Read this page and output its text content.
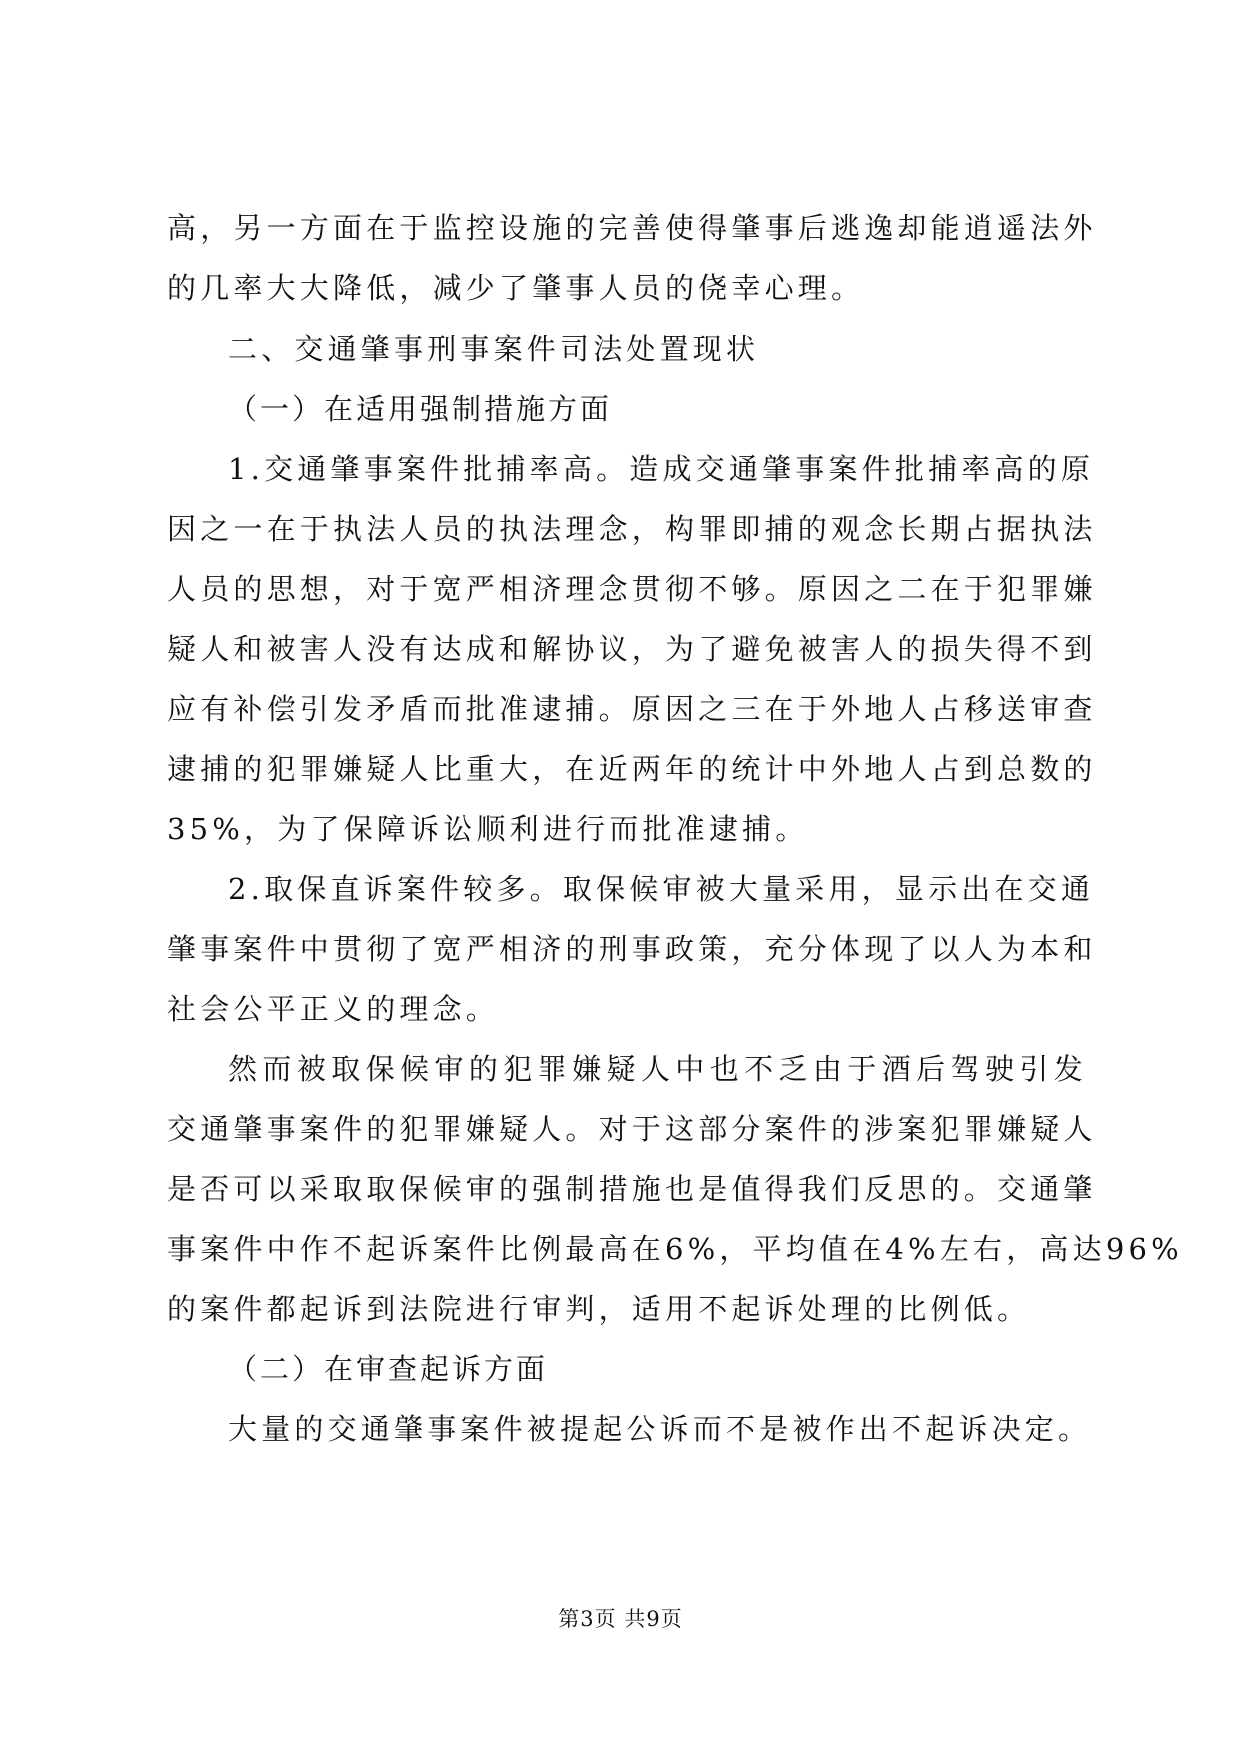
高，另一方面在于监控设施的完善使得肇事后逃逸却能逍遥法外
的几率大大降低，减少了肇事人员的侥幸心理。
二、交通肇事刑事案件司法处置现状
（一）在适用强制措施方面
1.交通肇事案件批捕率高。造成交通肇事案件批捕率高的原
因之一在于执法人员的执法理念，构罪即捕的观念长期占据执法
人员的思想，对于宽严相济理念贯彻不够。原因之二在于犯罪嫌
疑人和被害人没有达成和解协议，为了避免被害人的损失得不到
应有补偿引发矛盾而批准逮捕。原因之三在于外地人占移送审查
逮捕的犯罪嫌疑人比重大，在近两年的统计中外地人占到总数的
35%，为了保障诉讼顺利进行而批准逮捕。
2.取保直诉案件较多。取保候审被大量采用，显示出在交通
肇事案件中贯彻了宽严相济的刑事政策，充分体现了以人为本和
社会公平正义的理念。
然而被取保候审的犯罪嫌疑人中也不乏由于酒后驾驶引发
交通肇事案件的犯罪嫌疑人。对于这部分案件的涉案犯罪嫌疑人
是否可以采取取保候审的强制措施也是值得我们反思的。交通肇
事案件中作不起诉案件比例最高在6%，平均值在4%左右，高达96%
的案件都起诉到法院进行审判，适用不起诉处理的比例低。
（二）在审查起诉方面
大量的交通肇事案件被提起公诉而不是被作出不起诉决定。
第3页 共9页
